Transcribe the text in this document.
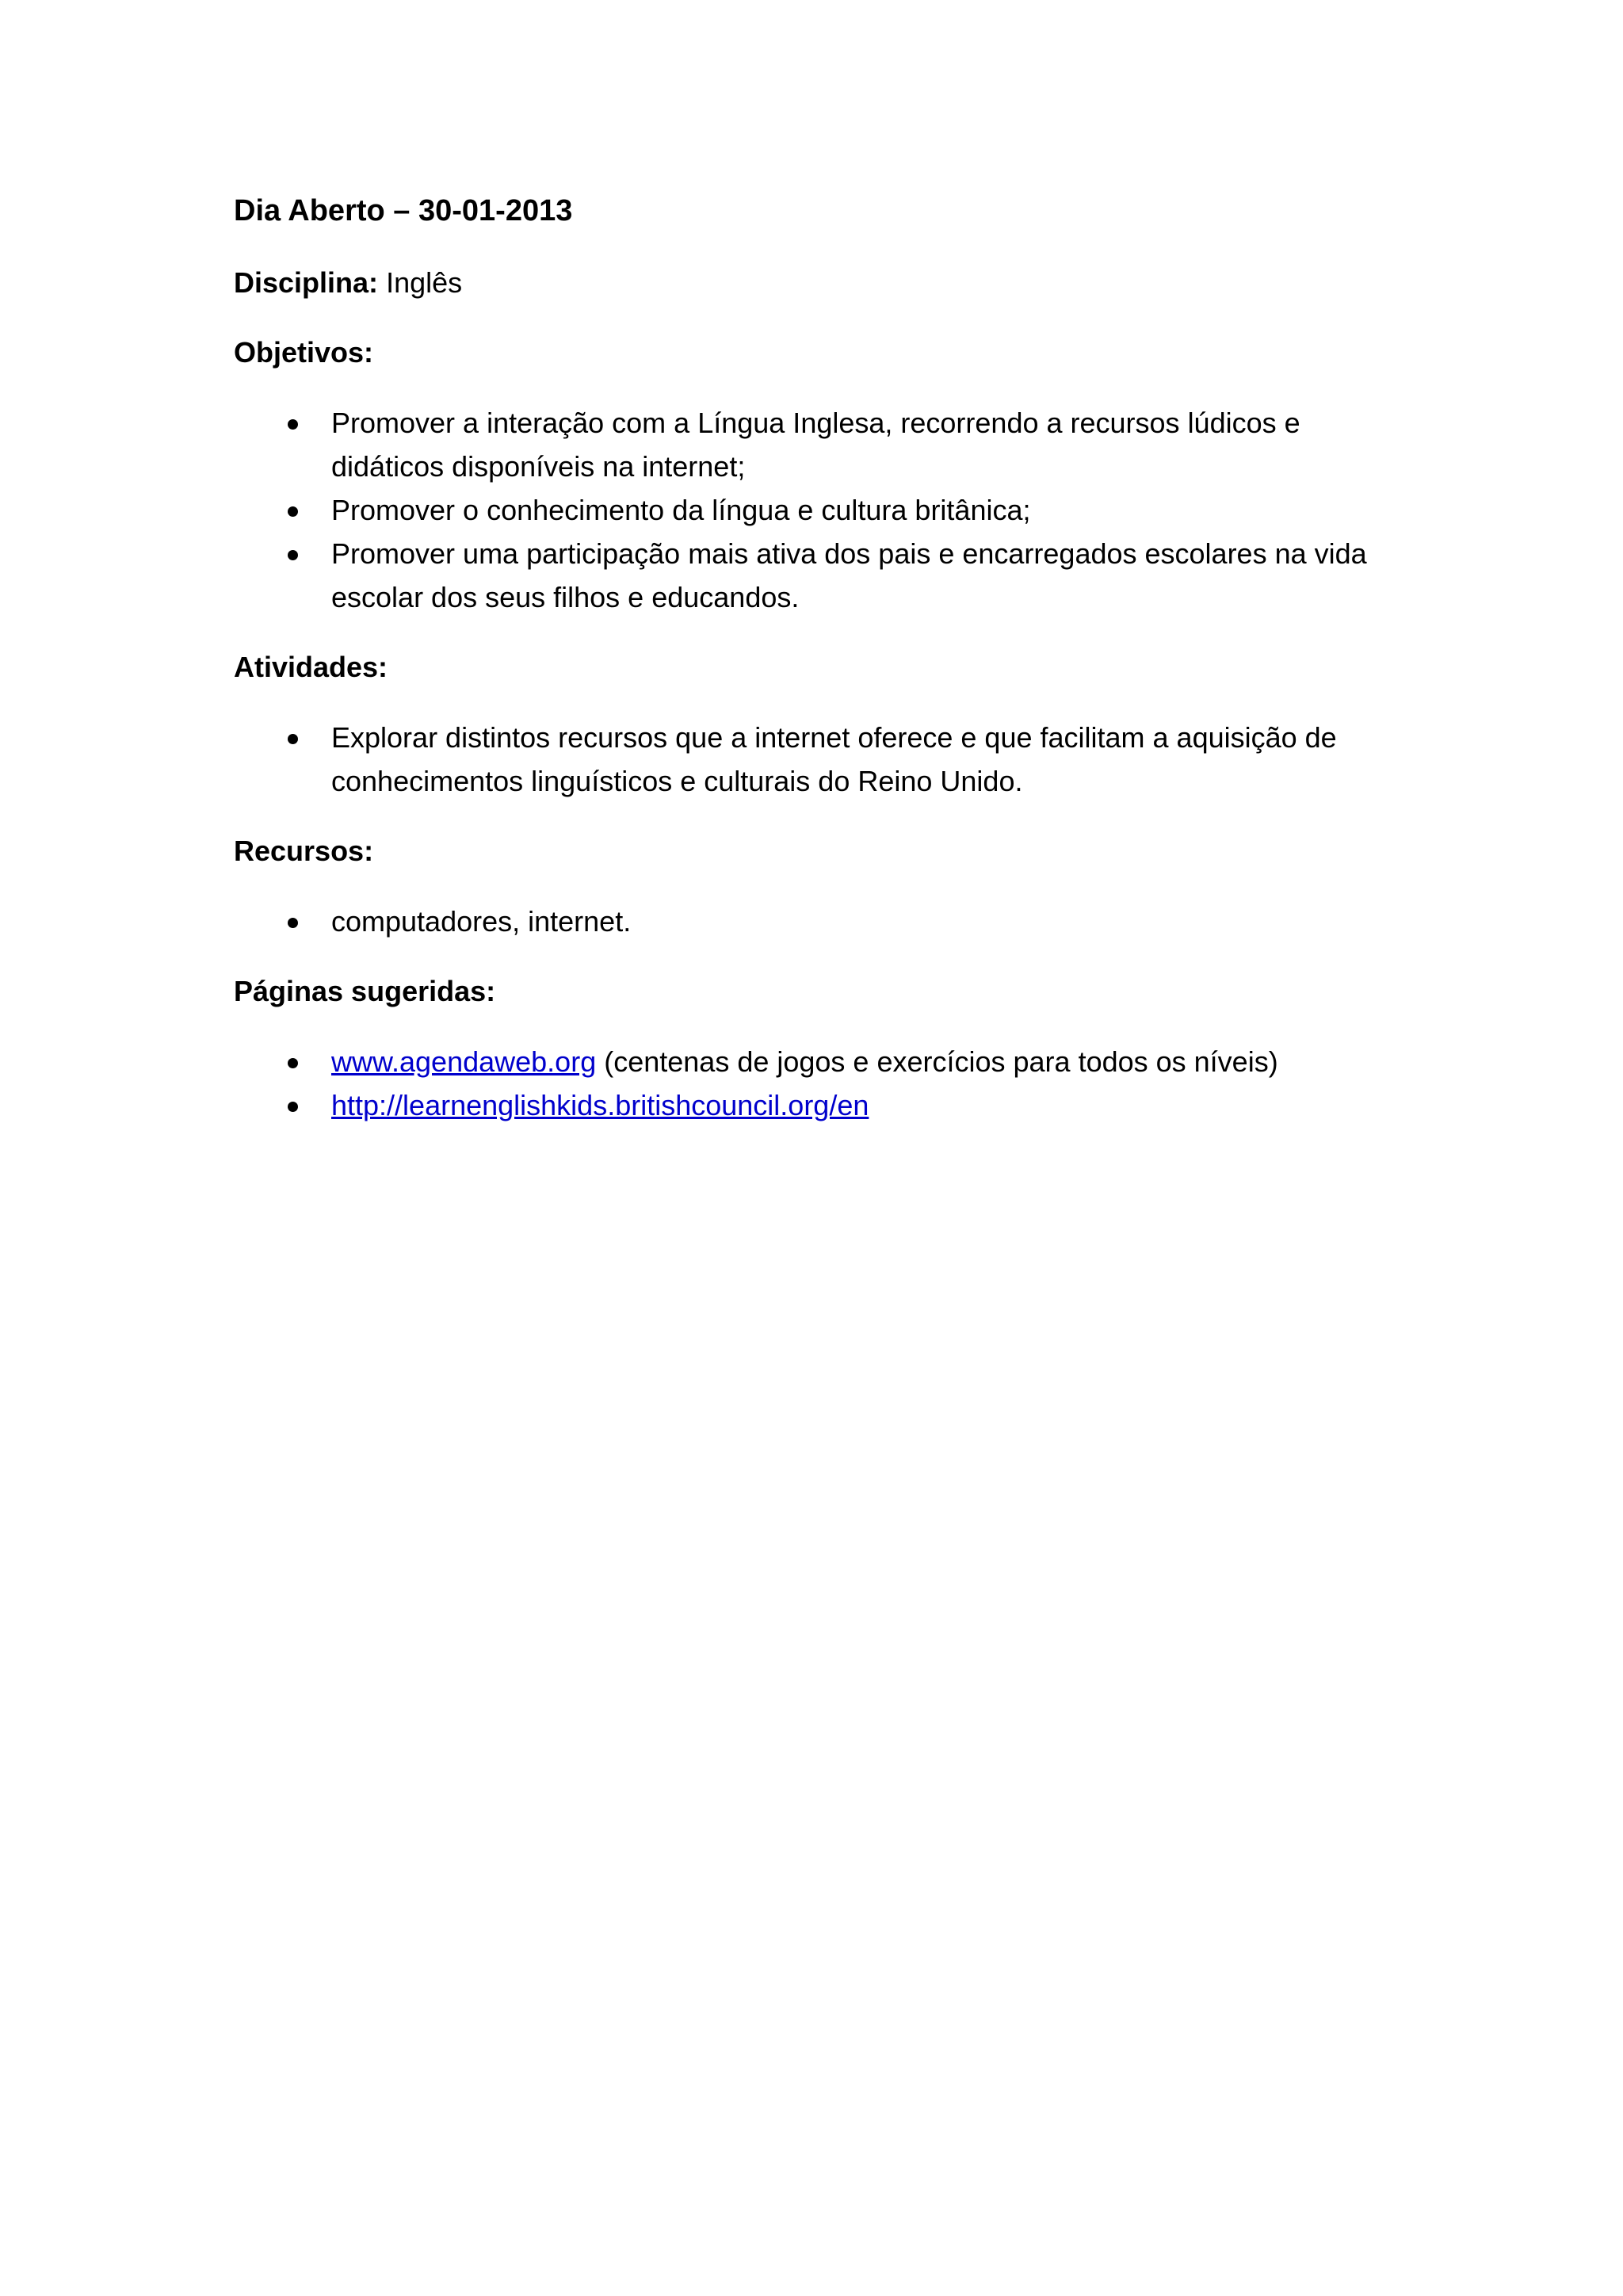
Dia Aberto – 30-01-2013
Disciplina: Inglês
Objetivos:
Promover a interação com a Língua Inglesa, recorrendo a recursos lúdicos e didáticos disponíveis na internet;
Promover o conhecimento da língua e cultura britânica;
Promover uma participação mais ativa dos pais e encarregados escolares na vida escolar dos seus filhos e educandos.
Atividades:
Explorar distintos recursos que a internet oferece e que facilitam a aquisição de conhecimentos linguísticos e culturais do Reino Unido.
Recursos:
computadores, internet.
Páginas sugeridas:
www.agendaweb.org (centenas de jogos e exercícios para todos os níveis)
http://learnenglishkids.britishcouncil.org/en
